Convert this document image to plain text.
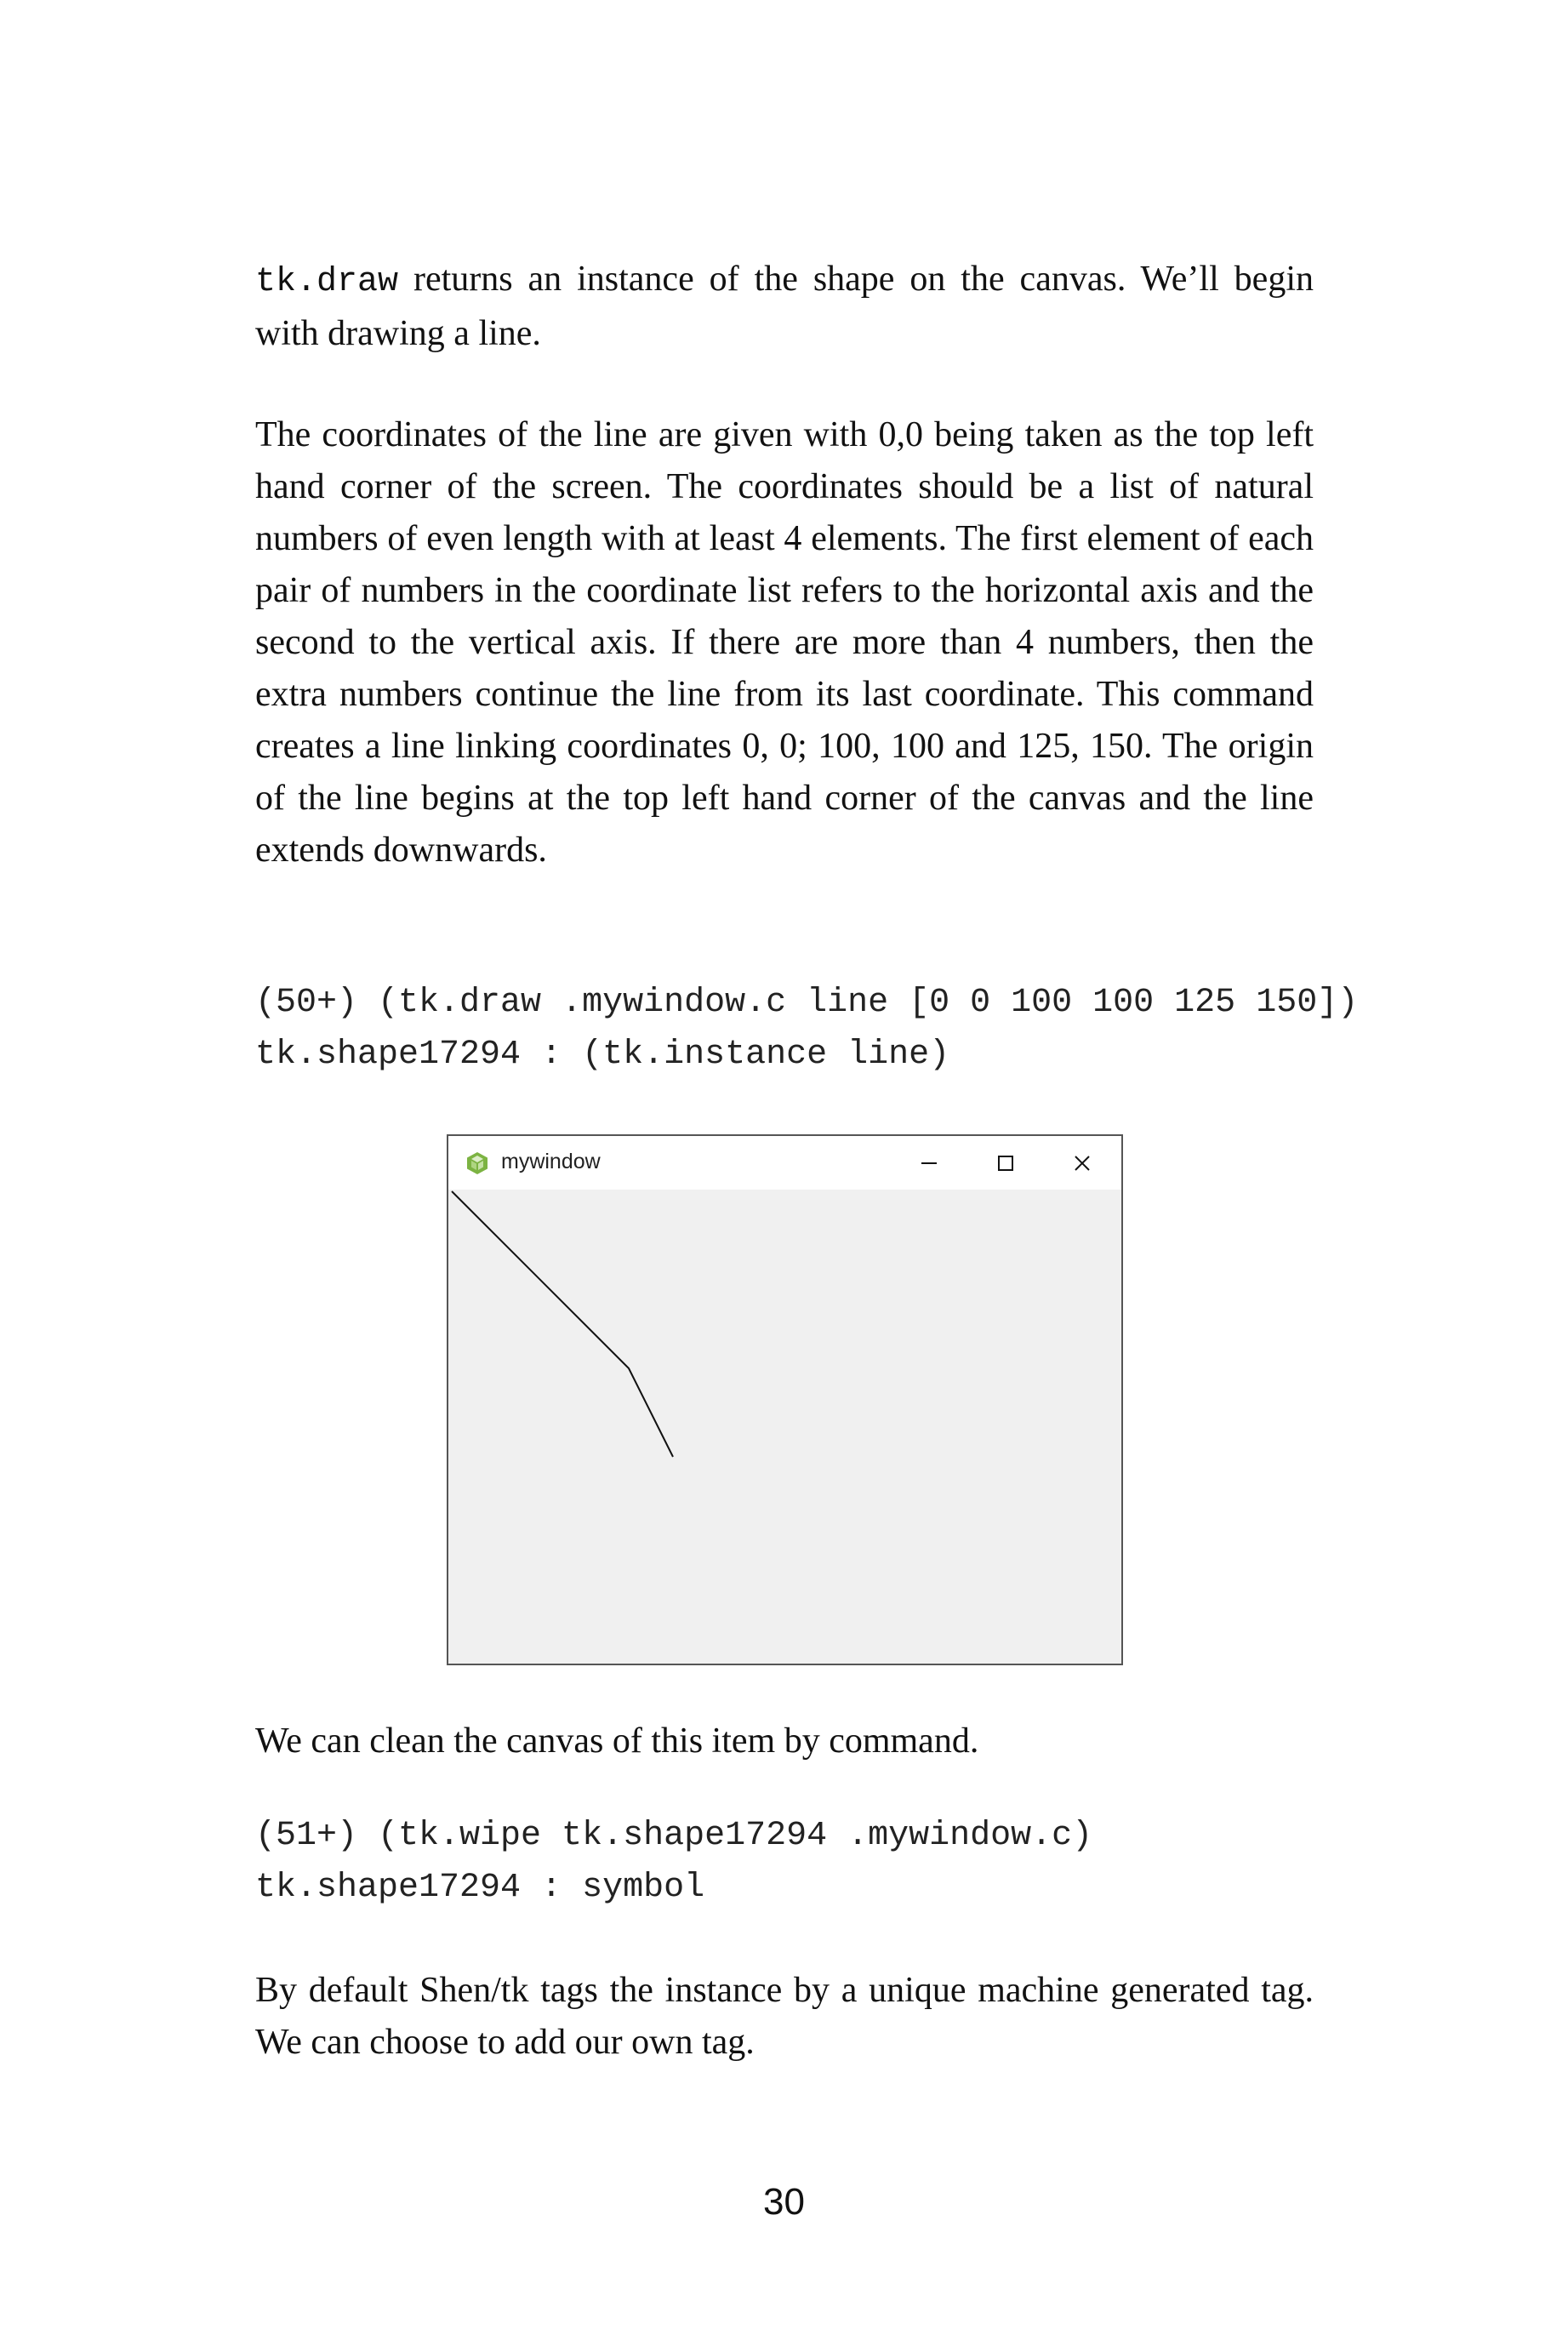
tk.draw returns an instance of the shape on the canvas. We’ll begin with drawing a line.
The coordinates of the line are given with 0,0 being taken as the top left hand corner of the screen. The coordinates should be a list of natural numbers of even length with at least 4 elements. The first element of each pair of numbers in the coordinate list refers to the horizontal axis and the second to the vertical axis. If there are more than 4 numbers, then the extra numbers continue the line from its last coordinate. This command creates a line linking coordinates 0, 0; 100, 100 and 125, 150. The origin of the line begins at the top left hand corner of the canvas and the line extends downwards.
(50+) (tk.draw .mywindow.c line [0 0 100 100 125 150])
tk.shape17294 : (tk.instance line)
mywindow
We can clean the canvas of this item by command.
(51+) (tk.wipe tk.shape17294 .mywindow.c)
tk.shape17294 : symbol
By default Shen/tk tags the instance by a unique machine generated tag. We can choose to add our own tag.
30
